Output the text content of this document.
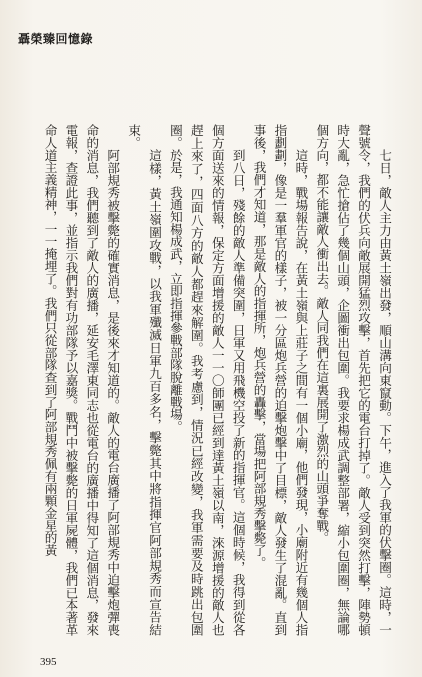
聶榮臻回憶錄

七日，敵人主力由黃土嶺出發，順山溝向東竄動。下午，進入了我軍的伏擊圈。這時，一聲號令，我們的伏兵向敵展開猛烈攻擊，首先把它的電台打掉了。敵人受到突然打擊，陣勢頓時大亂，急忙搶佔了幾個山頭，企圖衝出包圍。我要求楊成武調整部署，縮小包圍圈，無論哪個方向，都不能讓敵人衝出去。敵人同我們在這裏展開了激烈的山頭爭奪戰。

這時，戰場報告說，在黃土嶺與上莊子之間有一個小廟，他們發現，小廟附近有幾個人指指劃劃，像是一羣軍官的樣子，被一分區炮兵營的迫擊炮擊中了目標，敵人發生了混亂。直到事後，我們才知道，那是敵人的指揮所，炮兵營的轟擊，當場把阿部規秀擊斃了。

到八日，殘餘的敵人準備突圍，日軍又用飛機空投了新的指揮官。這個時候，我得到從各個方面送來的情報，保定方面增援的敵人一一〇師團已經到達黃土嶺以南，淶源增援的敵人也趕上來了，四面八方的敵人都趕來解圍。我考慮到，情況已經改變，我軍需要及時跳出包圍圈。於是，我通知楊成武，立即指揮參戰部隊脫離戰場。

這樣，黃土嶺圍攻戰，以我軍殲滅日軍九百多名，擊斃其中將指揮官阿部規秀而宣告結束。

阿部規秀被擊斃的確實消息，是後來才知道的。敵人的電台廣播了阿部規秀中迫擊炮彈喪命的消息，我們聽到了敵人的廣播，延安毛澤東同志也從電台的廣播中得知了這個消息，發來電報，查證此事，並指示我們對有功部隊予以嘉獎。戰鬥中被擊斃的日軍屍體，我們已本著革命人道主義精神，一一掩埋了。我們只從部隊查到了阿部規秀佩有兩顆金星的黃

395
